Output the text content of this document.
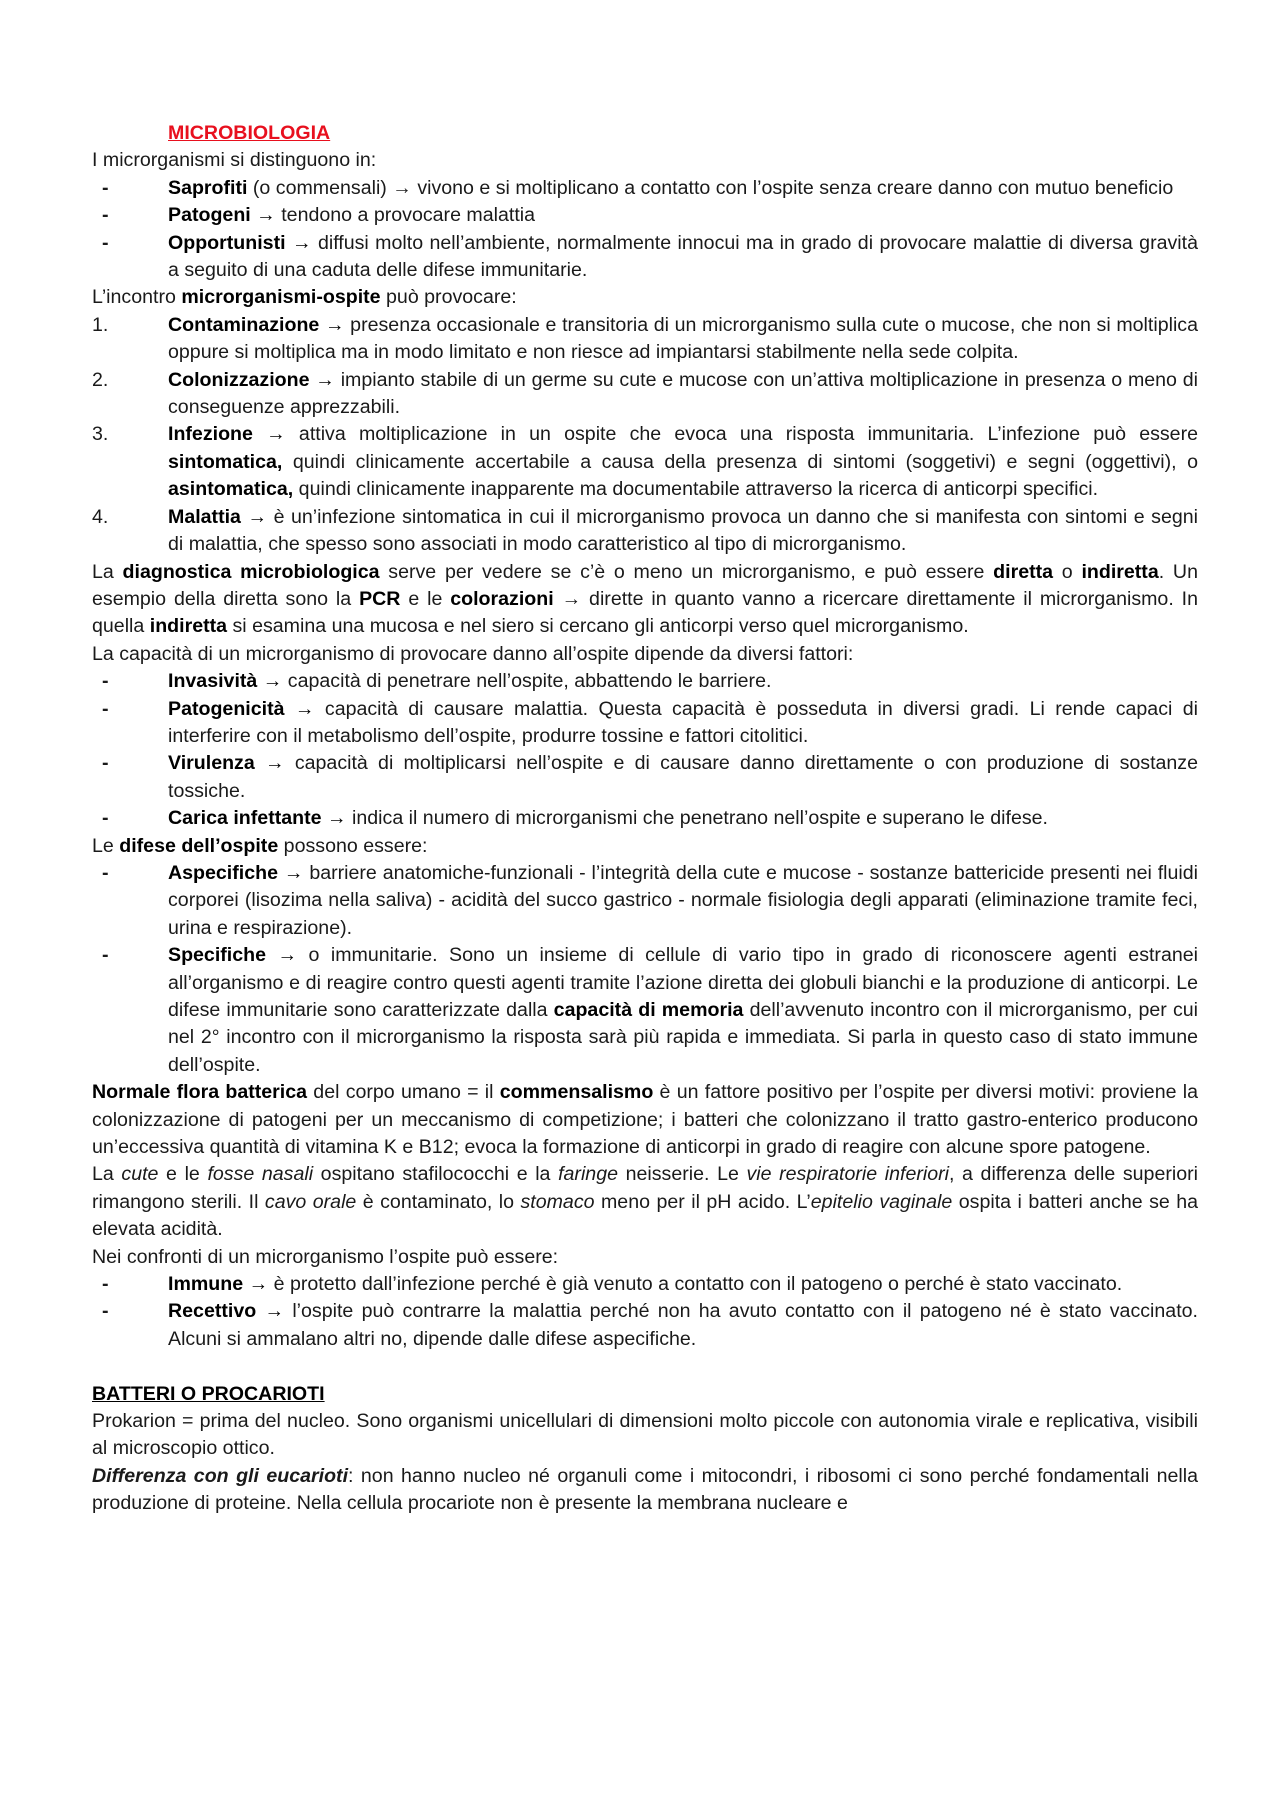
MICROBIOLOGIA
I microrganismi si distinguono in:
-	Saprofiti (o commensali) → vivono e si moltiplicano a contatto con l’ospite senza creare danno con mutuo beneficio
-	Patogeni → tendono a provocare malattia
-	Opportunisti → diffusi molto nell’ambiente, normalmente innocui ma in grado di provocare malattie di diversa gravità a seguito di una caduta delle difese immunitarie.
L’incontro microrganismi-ospite può provocare:
1.	Contaminazione → presenza occasionale e transitoria di un microrganismo sulla cute o mucose, che non si moltiplica oppure si moltiplica ma in modo limitato e non riesce ad impiantarsi stabilmente nella sede colpita.
2.	Colonizzazione → impianto stabile di un germe su cute e mucose con un’attiva moltiplicazione in presenza o meno di conseguenze apprezzabili.
3.	Infezione → attiva moltiplicazione in un ospite che evoca una risposta immunitaria. L’infezione può essere sintomatica, quindi clinicamente accertabile a causa della presenza di sintomi (soggetivi) e segni (oggettivi), o asintomatica, quindi clinicamente inapparente ma documentabile attraverso la ricerca di anticorpi specifici.
4.	Malattia → è un’infezione sintomatica in cui il microrganismo provoca un danno che si manifesta con sintomi e segni di malattia, che spesso sono associati in modo caratteristico al tipo di microrganismo.
La diagnostica microbiologica serve per vedere se c’è o meno un microrganismo, e può essere diretta o indiretta. Un esempio della diretta sono la PCR e le colorazioni → dirette in quanto vanno a ricercare direttamente il microrganismo. In quella indiretta si esamina una mucosa e nel siero si cercano gli anticorpi verso quel microrganismo.
La capacità di un microrganismo di provocare danno all’ospite dipende da diversi fattori:
-	Invasività → capacità di penetrare nell’ospite, abbattendo le barriere.
-	Patogenicità → capacità di causare malattia. Questa capacità è posseduta in diversi gradi. Li rende capaci di interferire con il metabolismo dell’ospite, produrre tossine e fattori citolitici.
-	Virulenza → capacità di moltiplicarsi nell’ospite e di causare danno direttamente o con produzione di sostanze tossiche.
-	Carica infettante → indica il numero di microrganismi che penetrano nell’ospite e superano le difese.
Le difese dell’ospite possono essere:
-	Aspecifiche → barriere anatomiche-funzionali - l’integrità della cute e mucose - sostanze battericide presenti nei fluidi corporei (lisozima nella saliva) - acidità del succo gastrico - normale fisiologia degli apparati (eliminazione tramite feci, urina e respirazione).
-	Specifiche → o immunitarie. Sono un insieme di cellule di vario tipo in grado di riconoscere agenti estranei all’organismo e di reagire contro questi agenti tramite l’azione diretta dei globuli bianchi e la produzione di anticorpi. Le difese immunitarie sono caratterizzate dalla capacità di memoria dell’avvenuto incontro con il microrganismo, per cui nel 2° incontro con il microrganismo la risposta sarà più rapida e immediata. Si parla in questo caso di stato immune dell’ospite.
Normale flora batterica del corpo umano = il commensalismo è un fattore positivo per l’ospite per diversi motivi: proviene la colonizzazione di patogeni per un meccanismo di competizione; i batteri che colonizzano il tratto gastro-enterico producono un’eccessiva quantità di vitamina K e B12; evoca la formazione di anticorpi in grado di reagire con alcune spore patogene.
La cute e le fosse nasali ospitano stafilococchi e la faringe neisserie. Le vie respiratorie inferiori, a differenza delle superiori rimangono sterili. Il cavo orale è contaminato, lo stomaco meno per il pH acido. L’epitelio vaginale ospita i batteri anche se ha elevata acidità.
Nei confronti di un microrganismo l’ospite può essere:
-	Immune → è protetto dall’infezione perché è già venuto a contatto con il patogeno o perché è stato vaccinato.
-	Recettivo → l’ospite può contrarre la malattia perché non ha avuto contatto con il patogeno né è stato vaccinato. Alcuni si ammalano altri no, dipende dalle difese aspecifiche.
BATTERI O PROCARIOTI
Prokarion = prima del nucleo. Sono organismi unicellulari di dimensioni molto piccole con autonomia virale e replicativa, visibili al microscopio ottico.
Differenza con gli eucarioti: non hanno nucleo né organuli come i mitocondri, i ribosomi ci sono perché fondamentali nella produzione di proteine. Nella cellula procariote non è presente la membrana nucleare e
